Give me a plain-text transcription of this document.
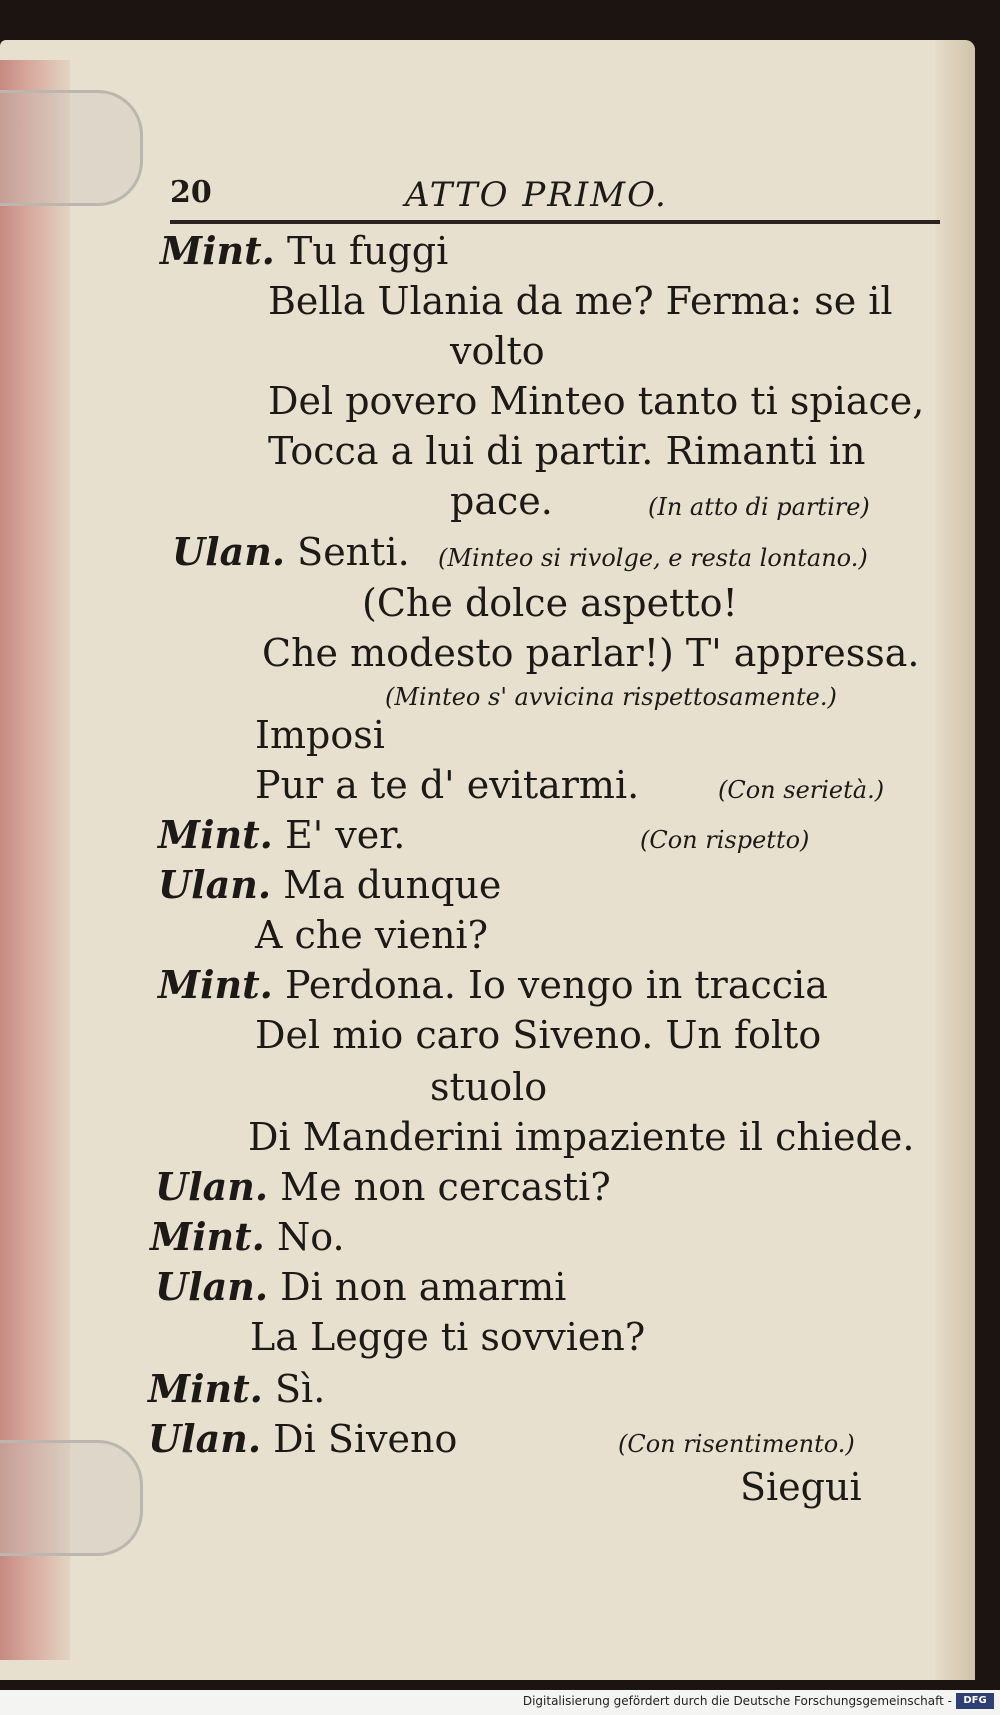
20	ATTO PRIMO.
Mint. Tu fuggi
Bella Ulania da me? Ferma: se il
volto
Del povero Minteo tanto ti spiace,
Tocca a lui di partir. Rimanti in
pace.	(In atto di partire)
Ulan. Senti. (Minteo si rivolge, e resta lontano.)
(Che dolce aspetto!
Che modesto parlar!) T' appressa.
(Minteo s' avvicina rispettosamente.)
Imposi
Pur a te d' evitarmi.	(Con serietà.)
Mint. E' ver.	(Con rispetto)
Ulan. Ma dunque
A che vieni?
Mint. Perdona. Io vengo in traccia
Del mio caro Siveno. Un folto
stuolo
Di Manderini impaziente il chiede.
Ulan. Me non cercasti?
Mint. No.
Ulan. Di non amarmi
La Legge ti sovvien?
Mint. Sì.
Ulan. Di Siveno	(Con risentimento.)
Siegui
Digitalisierung gefördert durch die Deutsche Forschungsgemeinschaft -	DFG
